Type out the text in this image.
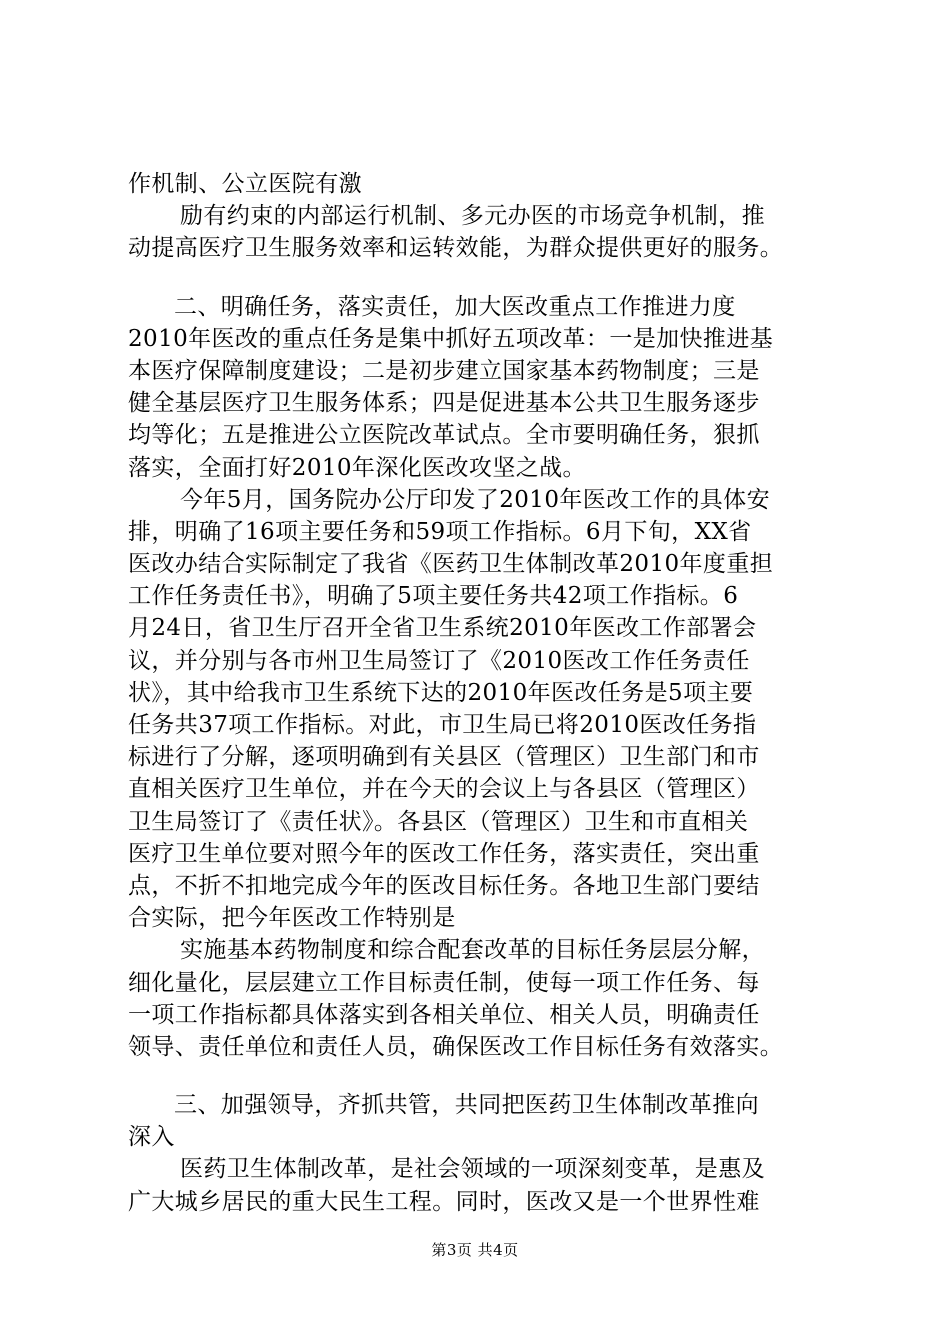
作机制、公立医院有激
励有约束的内部运行机制、多元办医的市场竞争机制，推
动提高医疗卫生服务效率和运转效能，为群众提供更好的服务。
二、明确任务，落实责任，加大医改重点工作推进力度
2010年医改的重点任务是集中抓好五项改革：一是加快推进基
本医疗保障制度建设；二是初步建立国家基本药物制度；三是
健全基层医疗卫生服务体系；四是促进基本公共卫生服务逐步
均等化；五是推进公立医院改革试点。全市要明确任务，狠抓
落实，全面打好2010年深化医改攻坚之战。
今年5月，国务院办公厅印发了2010年医改工作的具体安
排，明确了16项主要任务和59项工作指标。6月下旬，XX省
医改办结合实际制定了我省《医药卫生体制改革2010年度重担
工作任务责任书》，明确了5项主要任务共42项工作指标。6
月24日，省卫生厅召开全省卫生系统2010年医改工作部署会
议，并分别与各市州卫生局签订了《2010医改工作任务责任
状》，其中给我市卫生系统下达的2010年医改任务是5项主要
任务共37项工作指标。对此，市卫生局已将2010医改任务指
标进行了分解，逐项明确到有关县区（管理区）卫生部门和市
直相关医疗卫生单位，并在今天的会议上与各县区（管理区）
卫生局签订了《责任状》。各县区（管理区）卫生和市直相关
医疗卫生单位要对照今年的医改工作任务，落实责任，突出重
点，不折不扣地完成今年的医改目标任务。各地卫生部门要结
合实际，把今年医改工作特别是
实施基本药物制度和综合配套改革的目标任务层层分解，
细化量化，层层建立工作目标责任制，使每一项工作任务、每
一项工作指标都具体落实到各相关单位、相关人员，明确责任
领导、责任单位和责任人员，确保医改工作目标任务有效落实。
三、加强领导，齐抓共管，共同把医药卫生体制改革推向
深入
医药卫生体制改革，是社会领域的一项深刻变革，是惠及
广大城乡居民的重大民生工程。同时，医改又是一个世界性难
第3页 共4页
